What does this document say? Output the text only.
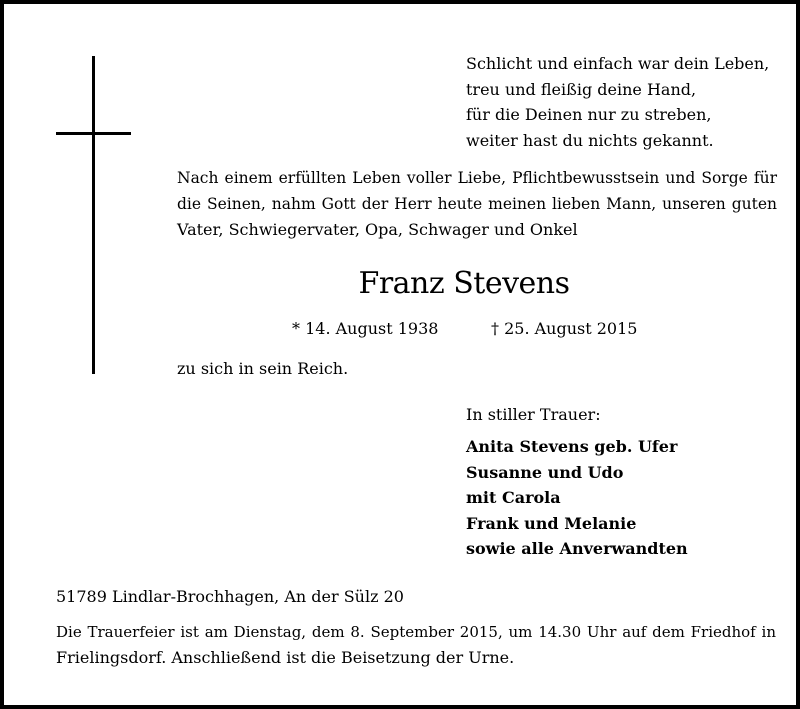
Schlicht und einfach war dein Leben,
treu und fleißig deine Hand,
für die Deinen nur zu streben,
weiter hast du nichts gekannt.
Nach einem erfüllten Leben voller Liebe, Pflichtbewusstsein und Sorge für
die Seinen, nahm Gott der Herr heute meinen lieben Mann, unseren guten
Vater, Schwiegervater, Opa, Schwager und Onkel
Franz Stevens
* 14. August 1938	† 25. August 2015
zu sich in sein Reich.
In stiller Trauer:
Anita Stevens geb. Ufer
Susanne und Udo
mit Carola
Frank und Melanie
sowie alle Anverwandten
51789 Lindlar-Brochhagen, An der Sülz 20
Die Trauerfeier ist am Dienstag, dem 8. September 2015, um 14.30 Uhr auf dem Friedhof in
Frielingsdorf. Anschließend ist die Beisetzung der Urne.
